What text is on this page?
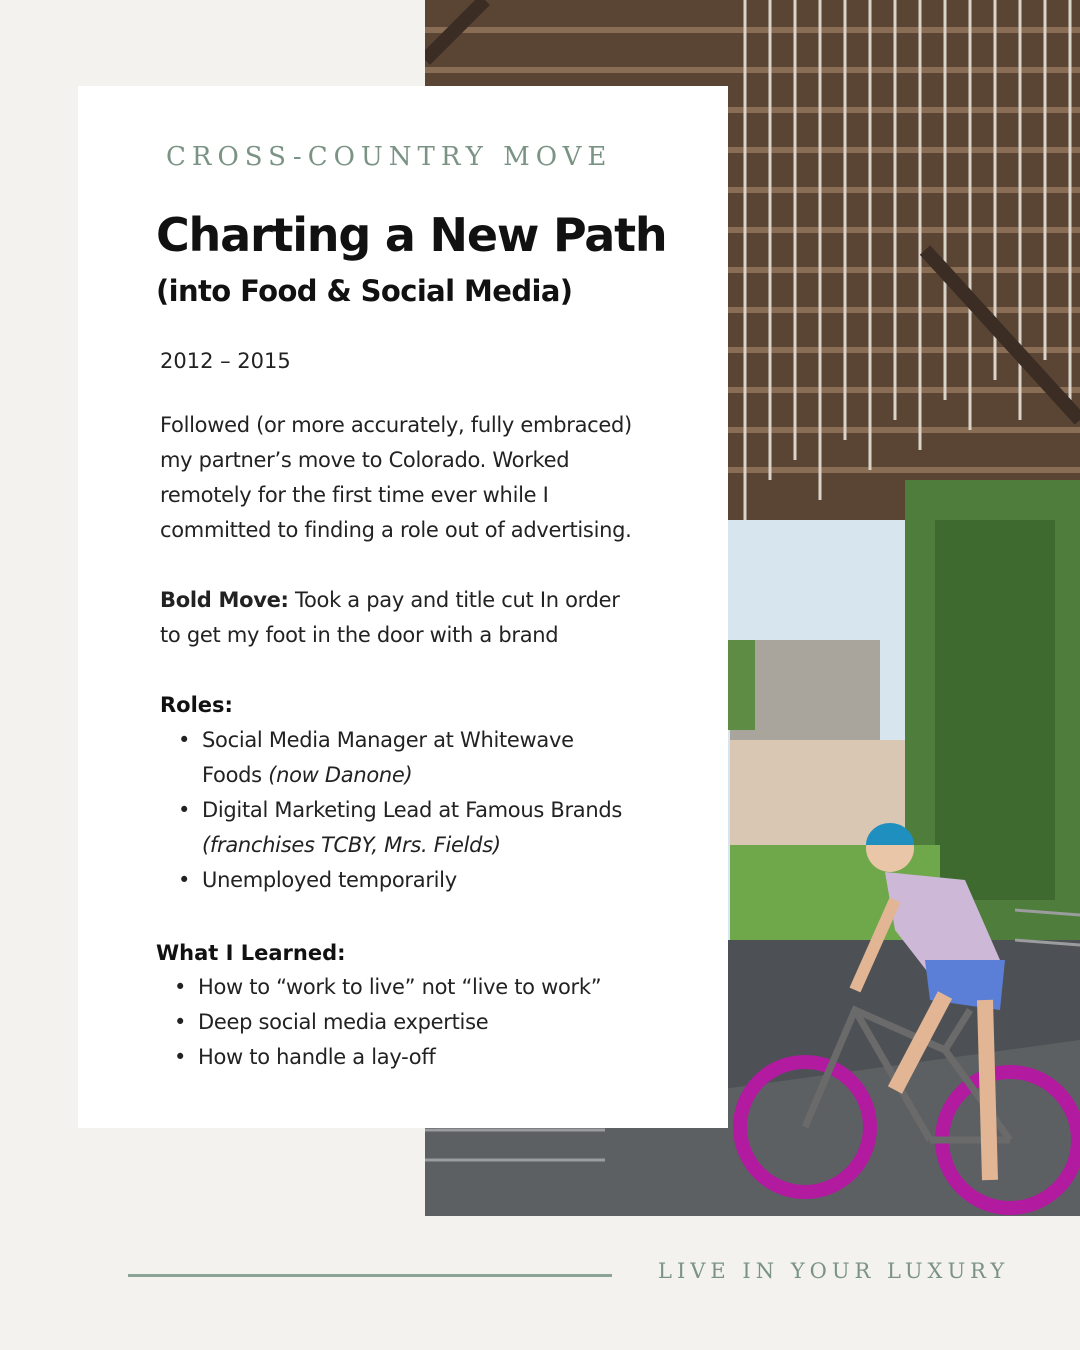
CROSS-COUNTRY MOVE

Charting a New Path
(into Food & Social Media)

2012 – 2015

Followed (or more accurately, fully embraced)
my partner’s move to Colorado. Worked
remotely for the first time ever while I
committed to finding a role out of advertising.

Bold Move: Took a pay and title cut In order
to get my foot in the door with a brand

Roles:

• Social Media Manager at Whitewave
Foods (now Danone)
• Digital Marketing Lead at Famous Brands
(franchises TCBY, Mrs. Fields)
• Unemployed temporarily

What I Learned:

• How to “work to live” not “live to work”
• Deep social media expertise
• How to handle a lay-off

LIVE IN YOUR LUXURY
